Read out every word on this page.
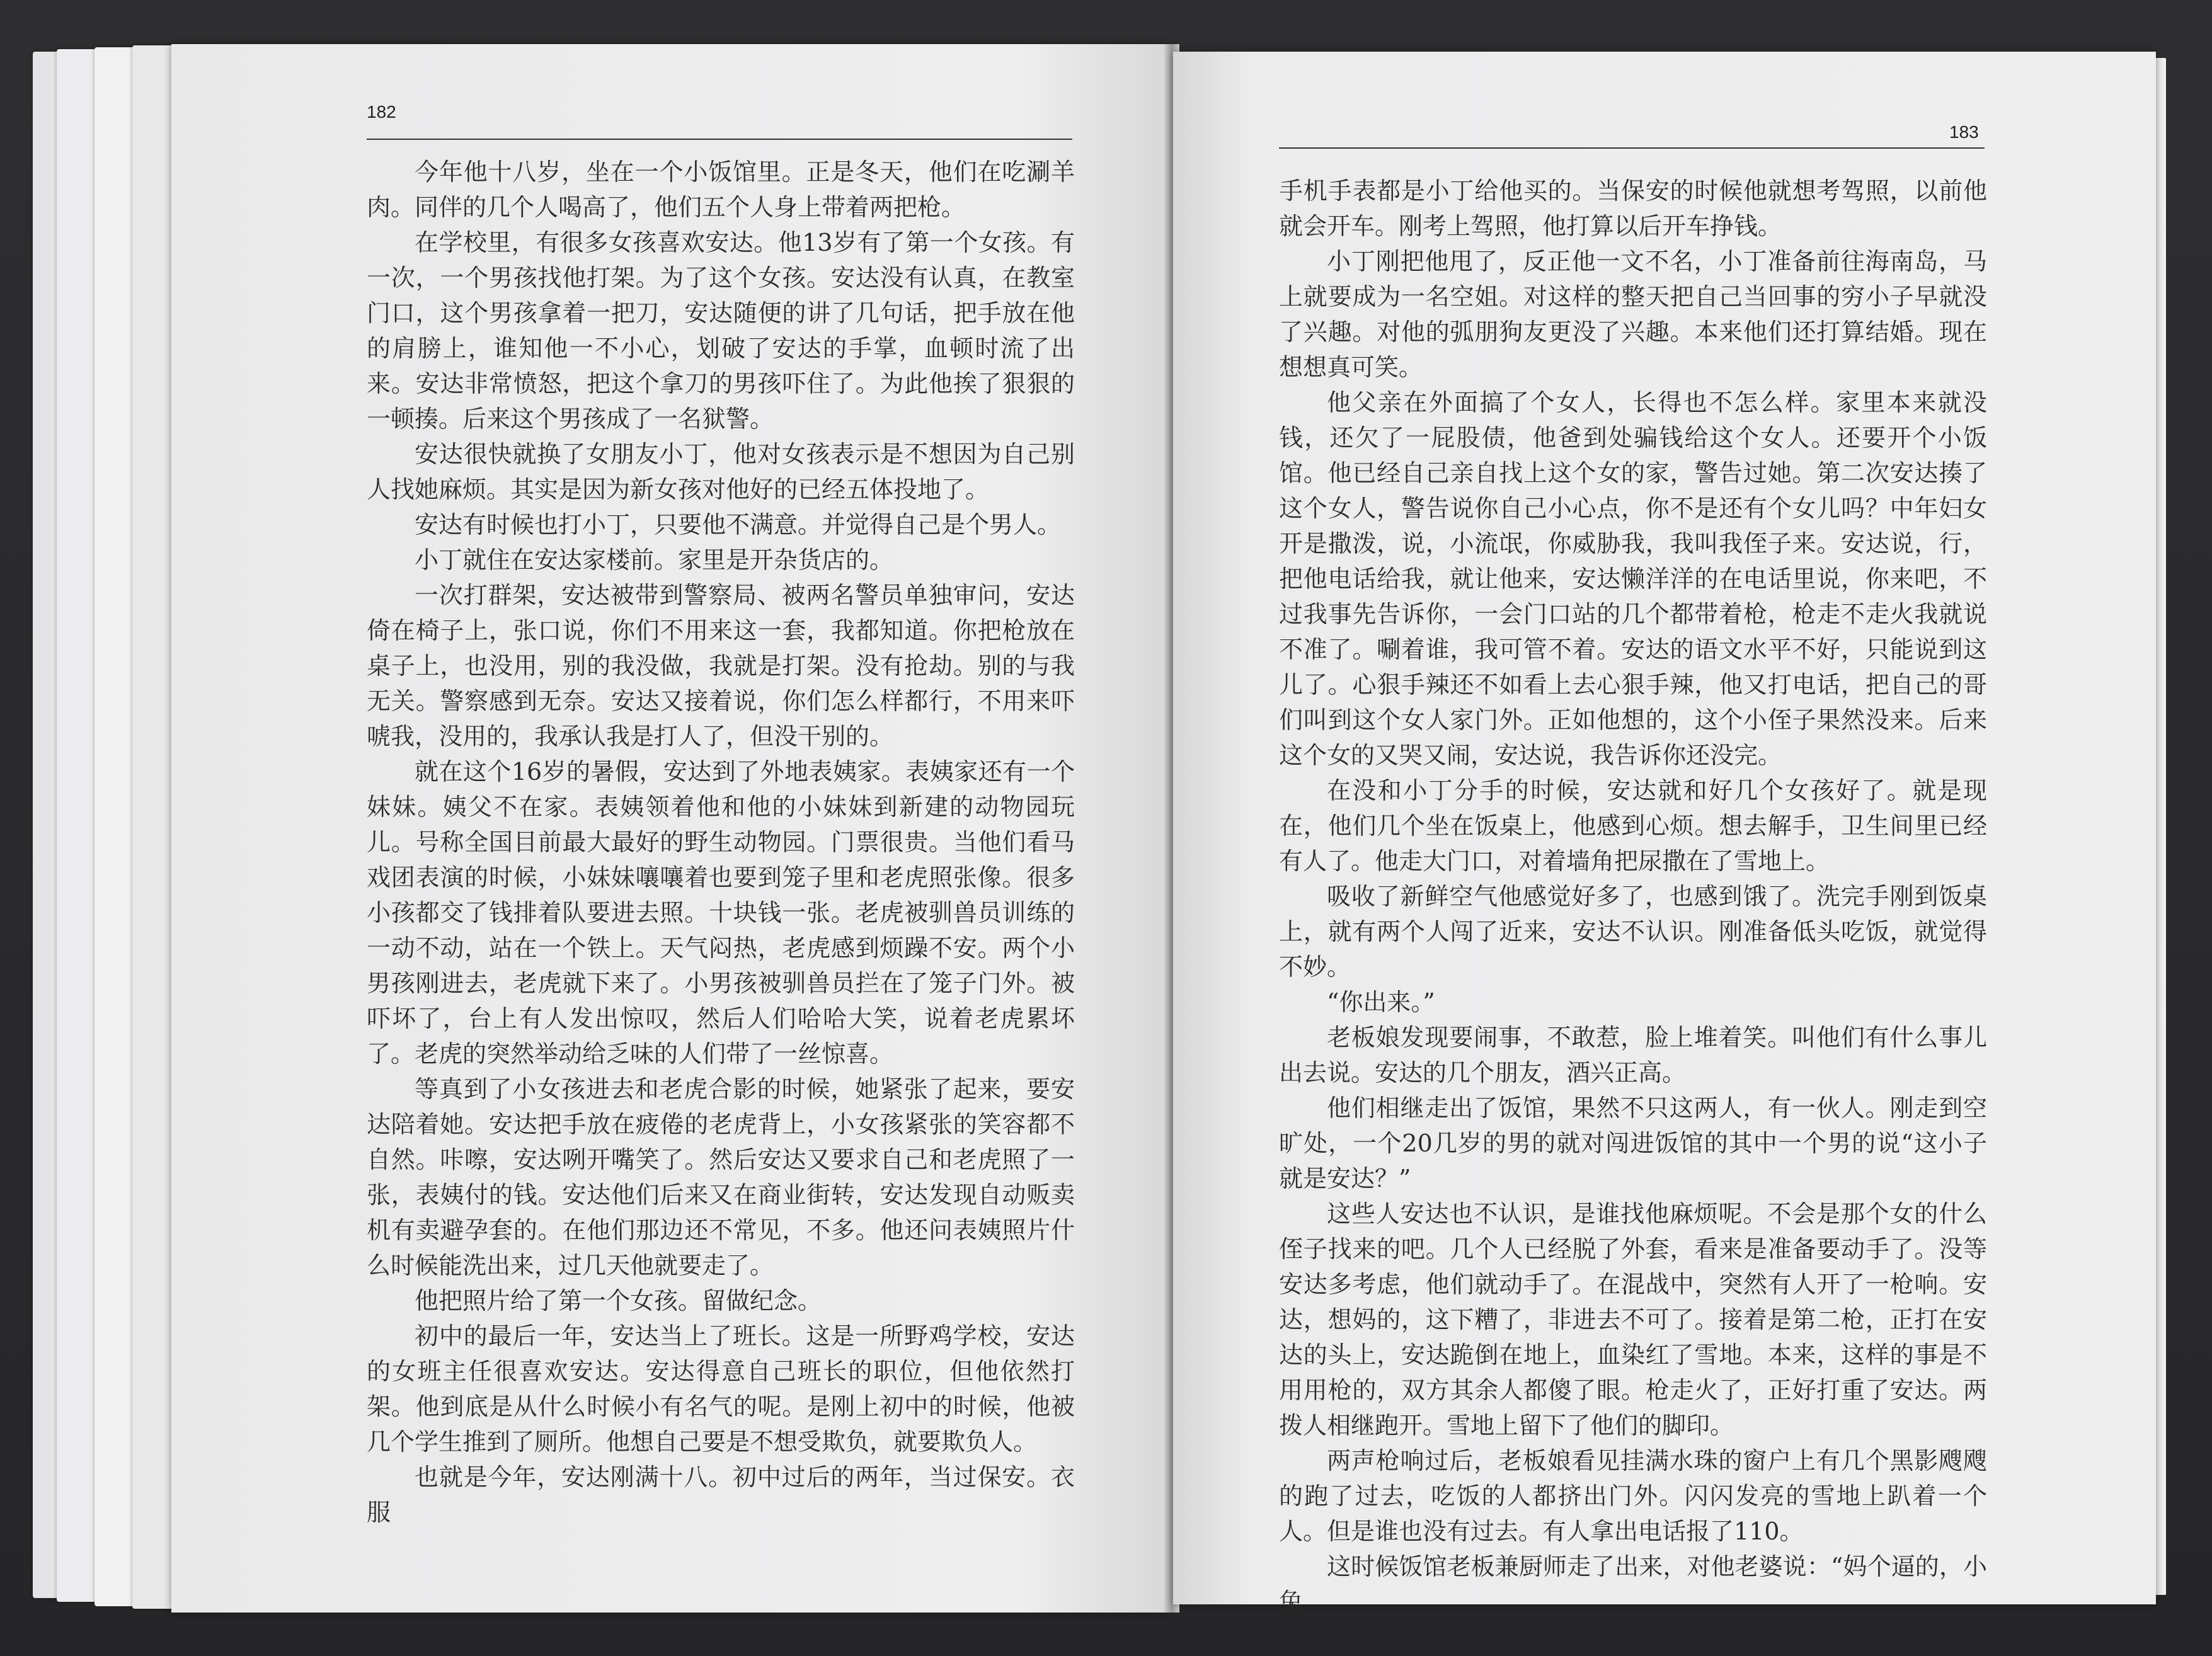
182

今年他十八岁，坐在一个小饭馆里。正是冬天，他们在吃涮羊肉。同伴的几个人喝高了，他们五个人身上带着两把枪。

在学校里，有很多女孩喜欢安达。他13岁有了第一个女孩。有一次，一个男孩找他打架。为了这个女孩。安达没有认真，在教室门口，这个男孩拿着一把刀，安达随便的讲了几句话，把手放在他的肩膀上，谁知他一不小心，划破了安达的手掌，血顿时流了出来。安达非常愤怒，把这个拿刀的男孩吓住了。为此他挨了狠狠的一顿揍。后来这个男孩成了一名狱警。

安达很快就换了女朋友小丁，他对女孩表示是不想因为自己别人找她麻烦。其实是因为新女孩对他好的已经五体投地了。

安达有时候也打小丁，只要他不满意。并觉得自己是个男人。

小丁就住在安达家楼前。家里是开杂货店的。

一次打群架，安达被带到警察局、被两名警员单独审问，安达倚在椅子上，张口说，你们不用来这一套，我都知道。你把枪放在桌子上，也没用，别的我没做，我就是打架。没有抢劫。别的与我无关。警察感到无奈。安达又接着说，你们怎么样都行，不用来吓唬我，没用的，我承认我是打人了，但没干别的。

就在这个16岁的暑假，安达到了外地表姨家。表姨家还有一个妹妹。姨父不在家。表姨领着他和他的小妹妹到新建的动物园玩儿。号称全国目前最大最好的野生动物园。门票很贵。当他们看马戏团表演的时候，小妹妹嚷嚷着也要到笼子里和老虎照张像。很多小孩都交了钱排着队要进去照。十块钱一张。老虎被驯兽员训练的一动不动，站在一个铁上。天气闷热，老虎感到烦躁不安。两个小男孩刚进去，老虎就下来了。小男孩被驯兽员拦在了笼子门外。被吓坏了，台上有人发出惊叹，然后人们哈哈大笑，说着老虎累坏了。老虎的突然举动给乏味的人们带了一丝惊喜。

等真到了小女孩进去和老虎合影的时候，她紧张了起来，要安达陪着她。安达把手放在疲倦的老虎背上，小女孩紧张的笑容都不自然。咔嚓，安达咧开嘴笑了。然后安达又要求自己和老虎照了一张，表姨付的钱。安达他们后来又在商业街转，安达发现自动贩卖机有卖避孕套的。在他们那边还不常见，不多。他还问表姨照片什么时候能洗出来，过几天他就要走了。

他把照片给了第一个女孩。留做纪念。

初中的最后一年，安达当上了班长。这是一所野鸡学校，安达的女班主任很喜欢安达。安达得意自己班长的职位，但他依然打架。他到底是从什么时候小有名气的呢。是刚上初中的时候，他被几个学生推到了厕所。他想自己要是不想受欺负，就要欺负人。

也就是今年，安达刚满十八。初中过后的两年，当过保安。衣服

183

手机手表都是小丁给他买的。当保安的时候他就想考驾照，以前他就会开车。刚考上驾照，他打算以后开车挣钱。

小丁刚把他甩了，反正他一文不名，小丁准备前往海南岛，马上就要成为一名空姐。对这样的整天把自己当回事的穷小子早就没了兴趣。对他的弧朋狗友更没了兴趣。本来他们还打算结婚。现在想想真可笑。

他父亲在外面搞了个女人，长得也不怎么样。家里本来就没钱，还欠了一屁股债，他爸到处骗钱给这个女人。还要开个小饭馆。他已经自己亲自找上这个女的家，警告过她。第二次安达揍了这个女人，警告说你自己小心点，你不是还有个女儿吗？中年妇女开是撒泼，说，小流氓，你威胁我，我叫我侄子来。安达说，行，把他电话给我，就让他来，安达懒洋洋的在电话里说，你来吧，不过我事先告诉你，一会门口站的几个都带着枪，枪走不走火我就说不准了。唰着谁，我可管不着。安达的语文水平不好，只能说到这儿了。心狠手辣还不如看上去心狠手辣，他又打电话，把自己的哥们叫到这个女人家门外。正如他想的，这个小侄子果然没来。后来这个女的又哭又闹，安达说，我告诉你还没完。

在没和小丁分手的时候，安达就和好几个女孩好了。就是现在，他们几个坐在饭桌上，他感到心烦。想去解手，卫生间里已经有人了。他走大门口，对着墙角把尿撒在了雪地上。

吸收了新鲜空气他感觉好多了，也感到饿了。洗完手刚到饭桌上，就有两个人闯了近来，安达不认识。刚准备低头吃饭，就觉得不妙。

“你出来。”

老板娘发现要闹事，不敢惹，脸上堆着笑。叫他们有什么事儿出去说。安达的几个朋友，酒兴正高。

他们相继走出了饭馆，果然不只这两人，有一伙人。刚走到空旷处，一个20几岁的男的就对闯进饭馆的其中一个男的说“这小子就是安达？”

这些人安达也不认识，是谁找他麻烦呢。不会是那个女的什么侄子找来的吧。几个人已经脱了外套，看来是准备要动手了。没等安达多考虑，他们就动手了。在混战中，突然有人开了一枪响。安达，想妈的，这下糟了，非进去不可了。接着是第二枪，正打在安达的头上，安达跪倒在地上，血染红了雪地。本来，这样的事是不用用枪的，双方其余人都傻了眼。枪走火了，正好打重了安达。两拨人相继跑开。雪地上留下了他们的脚印。

两声枪响过后，老板娘看见挂满水珠的窗户上有几个黑影飕飕的跑了过去，吃饭的人都挤出门外。闪闪发亮的雪地上趴着一个人。但是谁也没有过去。有人拿出电话报了110。

这时候饭馆老板兼厨师走了出来，对他老婆说：“妈个逼的，小兔
